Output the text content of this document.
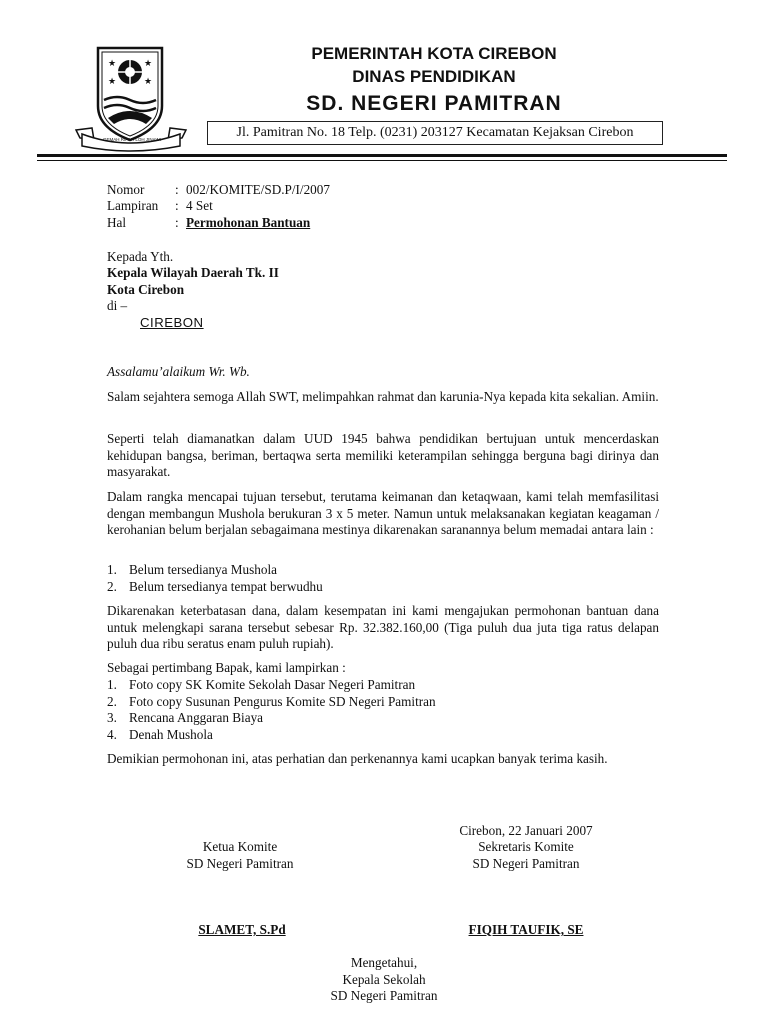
★	★
★	★
GEMAH RIPAH LOH JINAWI
PEMERINTAH KOTA CIREBON
DINAS PENDIDIKAN
SD. NEGERI PAMITRAN
Jl. Pamitran No. 18 Telp. (0231) 203127 Kecamatan Kejaksan Cirebon
Nomor : 002/KOMITE/SD.P/I/2007
Lampiran : 4 Set
Hal	: Permohonan Bantuan
Kepada Yth.
Kepala Wilayah Daerah Tk. II
Kota Cirebon
di –
CIREBON
Assalamu’alaikum Wr. Wb.
Salam sejahtera semoga Allah SWT, melimpahkan rahmat dan karunia-Nya kepada kita sekalian. Amiin.
Seperti telah diamanatkan dalam UUD 1945 bahwa pendidikan bertujuan untuk mencerdaskan kehidupan bangsa, beriman, bertaqwa serta memiliki keterampilan sehingga berguna bagi dirinya dan masyarakat.
Dalam rangka mencapai tujuan tersebut, terutama keimanan dan ketaqwaan, kami telah memfasilitasi dengan membangun Mushola berukuran 3 x 5 meter. Namun untuk melaksanakan kegiatan keagaman / kerohanian belum berjalan sebagaimana mestinya dikarenakan saranannya belum memadai antara lain :
1. Belum tersedianya Mushola
2. Belum tersedianya tempat berwudhu
Dikarenakan keterbatasan dana, dalam kesempatan ini kami mengajukan permohonan bantuan dana untuk melengkapi sarana tersebut sebesar Rp. 32.382.160,00 (Tiga puluh dua juta tiga ratus delapan puluh dua ribu seratus enam puluh rupiah).
Sebagai pertimbang Bapak, kami lampirkan :
1. Foto copy SK Komite Sekolah Dasar Negeri Pamitran
2. Foto copy Susunan Pengurus Komite SD Negeri Pamitran
3. Rencana Anggaran Biaya
4. Denah Mushola
Demikian permohonan ini, atas perhatian dan perkenannya kami ucapkan banyak terima kasih.
Cirebon, 22 Januari 2007
Ketua Komite
SD Negeri Pamitran
Sekretaris Komite
SD Negeri Pamitran
SLAMET, S.Pd	FIQIH TAUFIK, SE
Mengetahui,
Kepala Sekolah
SD Negeri Pamitran
